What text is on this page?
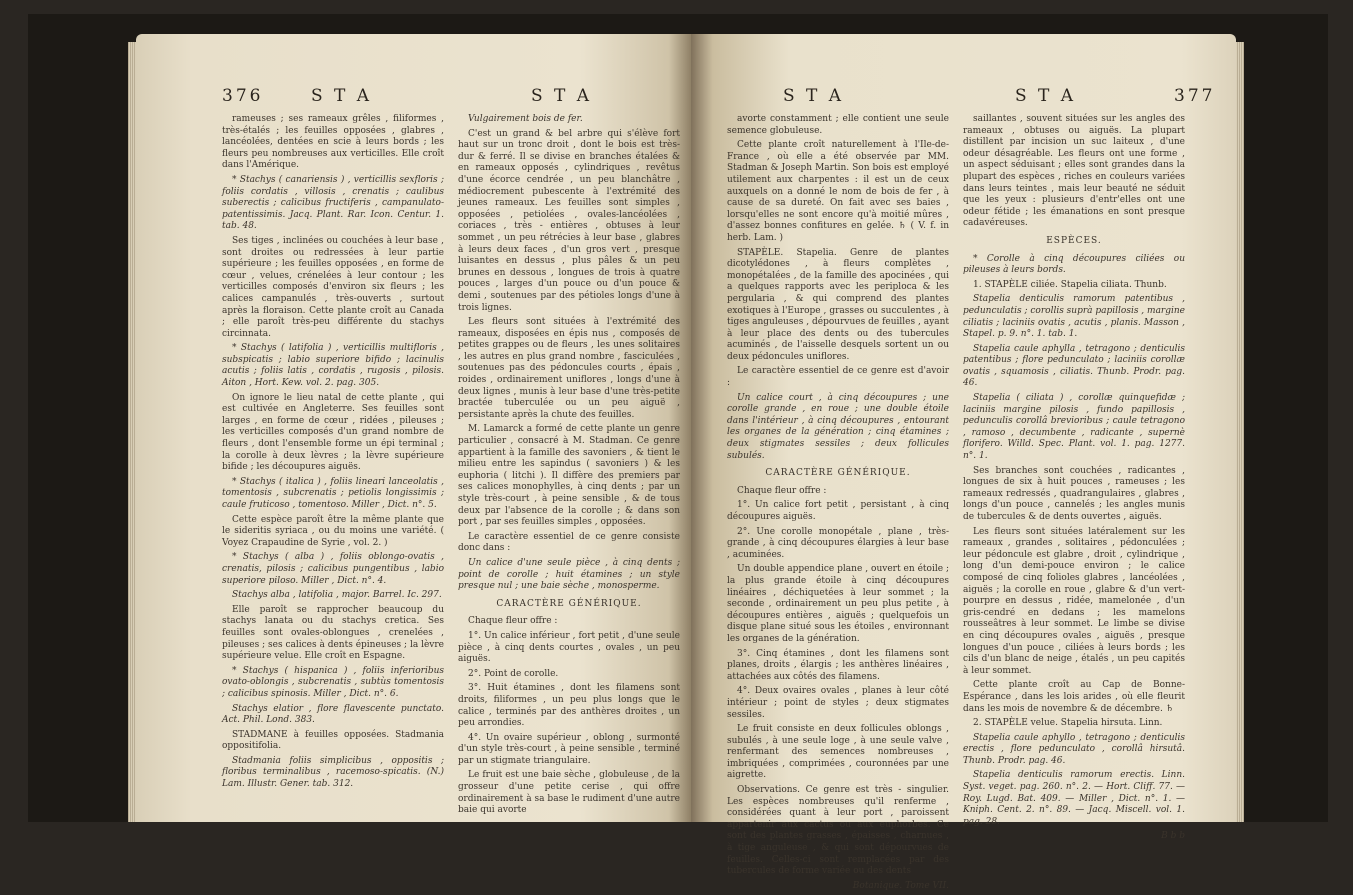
376	S T A	S T A

rameuses ; ses rameaux grêles , filiformes , très-étalés ; les feuilles opposées , glabres , lancéolées, dentées en scie à leurs bords ; les fleurs peu nombreuses aux verticilles. Elle croît dans l'Amérique.

* Stachys ( canariensis ) , verticillis sexfloris ; foliis cordatis , villosis , crenatis ; caulibus suberectis ; calicibus fructiferis , campanulato-patentissimis. Jacq. Plant. Rar. Icon. Centur. 1. tab. 48.

Ses tiges , inclinées ou couchées à leur base , sont droites ou redressées à leur partie supérieure ; les feuilles opposées , en forme de cœur , velues, crénelées à leur contour ; les verticilles composés d'environ six fleurs ; les calices campanulés , très-ouverts , surtout après la floraison. Cette plante croît au Canada ; elle paroît très-peu différente du stachys circinnata.

* Stachys ( latifolia ) , verticillis multifloris , subspicatis ; labio superiore bifido ; lacinulis acutis ; foliis latis , cordatis , rugosis , pilosis. Aiton , Hort. Kew. vol. 2. pag. 305.

On ignore le lieu natal de cette plante , qui est cultivée en Angleterre. Ses feuilles sont larges , en forme de cœur , ridées , pileuses ; les verticilles composés d'un grand nombre de fleurs , dont l'ensemble forme un épi terminal ; la corolle à deux lèvres ; la lèvre supérieure bifide ; les découpures aiguës.

* Stachys ( italica ) , foliis lineari lanceolatis , tomentosis , subcrenatis ; petiolis longissimis ; caule fruticoso , tomentoso. Miller , Dict. n°. 5.

Cette espèce paroît être la même plante que le sideritis syriaca , ou du moins une variété. ( Voyez Crapaudine de Syrie , vol. 2. )

* Stachys ( alba ) , foliis oblongo-ovatis , crenatis, pilosis ; calicibus pungentibus , labio superiore piloso. Miller , Dict. n°. 4.

Stachys alba , latifolia , major. Barrel. Ic. 297.

Elle paroît se rapprocher beaucoup du stachys lanata ou du stachys cretica. Ses feuilles sont ovales-oblongues , crenelées , pileuses ; ses calices à dents épineuses ; la lèvre supérieure velue. Elle croît en Espagne.

* Stachys ( hispanica ) , foliis inferioribus ovato-oblongis , subcrenatis , subtùs tomentosis ; calicibus spinosis. Miller , Dict. n°. 6.

Stachys elatior , flore flavescente punctato. Act. Phil. Lond. 383.

STADMANE à feuilles opposées. Stadmania oppositifolia.

Stadmania foliis simplicibus , oppositis ; floribus terminalibus , racemoso-spicatis. (N.) Lam. Illustr. Gener. tab. 312.

Vulgairement bois de fer.

C'est un grand & bel arbre qui s'élève fort haut sur un tronc droit , dont le bois est très-dur & ferré. Il se divise en branches étalées & en rameaux opposés , cylindriques , revêtus d'une écorce cendrée , un peu blanchâtre , médiocrement pubescente à l'extrémité des jeunes rameaux. Les feuilles sont simples , opposées , petiolées , ovales-lancéolées , coriaces , très - entières , obtuses à leur sommet , un peu rétrécies à leur base , glabres à leurs deux faces , d'un gros vert , presque luisantes en dessus , plus pâles & un peu brunes en dessous , longues de trois à quatre pouces , larges d'un pouce ou d'un pouce & demi , soutenues par des pétioles longs d'une à trois lignes.

Les fleurs sont situées à l'extrémité des rameaux, disposées en épis nus , composés de petites grappes ou de fleurs , les unes solitaires , les autres en plus grand nombre , fasciculées , soutenues pas des pédoncules courts , épais , roides , ordinairement uniflores , longs d'une à deux lignes , munis à leur base d'une très-petite bractée tuberculée ou un peu aiguë , persistante après la chute des feuilles.

M. Lamarck a formé de cette plante un genre particulier , consacré à M. Stadman. Ce genre appartient à la famille des savoniers , & tient le milieu entre les sapindus ( savoniers ) & les euphoria ( litchi ). Il diffère des premiers par ses calices monophylles, à cinq dents ; par un style très-court , à peine sensible , & de tous deux par l'absence de la corolle ; & dans son port , par ses feuilles simples , opposées.

Le caractère essentiel de ce genre consiste donc dans :

Un calice d'une seule pièce , à cinq dents ; point de corolle ; huit étamines ; un style presque nul ; une baie sèche , monosperme.

CARACTÈRE GÉNÉRIQUE.

Chaque fleur offre :

1°. Un calice inférieur , fort petit , d'une seule pièce , à cinq dents courtes , ovales , un peu aiguës.

2°. Point de corolle.

3°. Huit étamines , dont les filamens sont droits, filiformes , un peu plus longs que le calice , terminés par des anthères droites , un peu arrondies.

4°. Un ovaire supérieur , oblong , surmonté d'un style très-court , à peine sensible , terminé par un stigmate triangulaire.

Le fruit est une baie sèche , globuleuse , de la grosseur d'une petite cerise , qui offre ordinairement à sa base le rudiment d'une autre baie qui avorte

S T A	S T A	377

avorte constamment ; elle contient une seule semence globuleuse.

Cette plante croît naturellement à l'Ile-de-France , où elle a été observée par MM. Stadman & Joseph Martin. Son bois est employé utilement aux charpentes : il est un de ceux auxquels on a donné le nom de bois de fer , à cause de sa dureté. On fait avec ses baies , lorsqu'elles ne sont encore qu'à moitié mûres , d'assez bonnes confitures en gelée. ♄ ( V. f. in herb. Lam. )

STAPÈLE. Stapelia. Genre de plantes dicotylédones , à fleurs complètes , monopétalées , de la famille des apocinées , qui a quelques rapports avec les periploca & les pergularia , & qui comprend des plantes exotiques à l'Europe , grasses ou succulentes , à tiges anguleuses , dépourvues de feuilles , ayant à leur place des dents ou des tubercules acuminés , de l'aisselle desquels sortent un ou deux pédoncules uniflores.

Le caractère essentiel de ce genre est d'avoir :

Un calice court , à cinq découpures ; une corolle grande , en roue ; une double étoile dans l'intérieur , à cinq découpures , entourant les organes de la génération ; cinq étamines ; deux stigmates sessiles ; deux follicules subulés.

CARACTÈRE GÉNÉRIQUE.

Chaque fleur offre :

1°. Un calice fort petit , persistant , à cinq découpures aiguës.

2°. Une corolle monopétale , plane , très-grande , à cinq découpures élargies à leur base , acuminées.

Un double appendice plane , ouvert en étoile ; la plus grande étoile à cinq découpures linéaires , déchiquetées à leur sommet ; la seconde , ordinairement un peu plus petite , à découpures entières , aiguës ; quelquefois un disque plane situé sous les étoiles , environnant les organes de la génération.

3°. Cinq étamines , dont les filamens sont planes, droits , élargis ; les anthères linéaires , attachées aux côtés des filamens.

4°. Deux ovaires ovales , planes à leur côté intérieur ; point de styles ; deux stigmates sessiles.

Le fruit consiste en deux follicules oblongs , subulés , à une seule loge , à une seule valve , renfermant des semences nombreuses , imbriquées , comprimées , couronnées par une aigrette.

Observations. Ce genre est très - singulier. Les espèces nombreuses qu'il renferme , considérées quant à leur port , paroissent appartenir aux cactus ou aux euphorbes. Ce sont des plantes grasses , épaisses , charnues , à tige anguleuse , & qui sont dépourvues de feuilles. Celles-ci sont remplacées par des tubercules de forme variée ou des dents

Botanique. Tome VII.

saillantes , souvent situées sur les angles des rameaux , obtuses ou aiguës. La plupart distillent par incision un suc laiteux , d'une odeur désagréable. Les fleurs ont une forme , un aspect séduisant ; elles sont grandes dans la plupart des espèces , riches en couleurs variées dans leurs teintes , mais leur beauté ne séduit que les yeux : plusieurs d'entr'elles ont une odeur fétide ; les émanations en sont presque cadavéreuses.

ESPÈCES.

* Corolle à cinq découpures ciliées ou pileuses à leurs bords.

1. STAPÈLE ciliée. Stapelia ciliata. Thunb.

Stapelia denticulis ramorum patentibus , pedunculatis ; corollis suprà papillosis , margine ciliatis ; laciniis ovatis , acutis , planis. Masson , Stapel. p. 9. n°. 1. tab. 1.

Stapelia caule aphylla , tetragono ; denticulis patentibus ; flore pedunculato ; laciniis corollæ ovatis , squamosis , ciliatis. Thunb. Prodr. pag. 46.

Stapelia ( ciliata ) , corollæ quinquefidæ ; laciniis margine pilosis , fundo papillosis , pedunculis corollâ brevioribus ; caule tetragono , ramoso , decumbente , radicante , supernè florifero. Willd. Spec. Plant. vol. 1. pag. 1277. n°. 1.

Ses branches sont couchées , radicantes , longues de six à huit pouces , rameuses ; les rameaux redressés , quadrangulaires , glabres , longs d'un pouce , cannelés ; les angles munis de tubercules & de dents ouvertes , aiguës.

Les fleurs sont situées latéralement sur les rameaux , grandes , solitaires , pédonculées ; leur pédoncule est glabre , droit , cylindrique , long d'un demi-pouce environ ; le calice composé de cinq folioles glabres , lancéolées , aiguës ; la corolle en roue , glabre & d'un vert-pourpre en dessus , ridée, mamelonée , d'un gris-cendré en dedans ; les mamelons rousseâtres à leur sommet. Le limbe se divise en cinq découpures ovales , aiguës , presque longues d'un pouce , ciliées à leurs bords ; les cils d'un blanc de neige , étalés , un peu capités à leur sommet.

Cette plante croît au Cap de Bonne-Espérance , dans les lois arides , où elle fleurit dans les mois de novembre & de décembre. ♄

2. STAPÈLE velue. Stapelia hirsuta. Linn.

Stapelia caule aphyllo , tetragono ; denticulis erectis , flore pedunculato , corollâ hirsutâ. Thunb. Prodr. pag. 46.

Stapelia denticulis ramorum erectis. Linn. Syst. veget. pag. 260. n°. 2. — Hort. Cliff. 77. — Roy. Lugd. Bat. 409. — Miller , Dict. n°. 1. — Kniph. Cent. 2. n°. 89. — Jacq. Miscell. vol. 1. pag. 28.

B b b
